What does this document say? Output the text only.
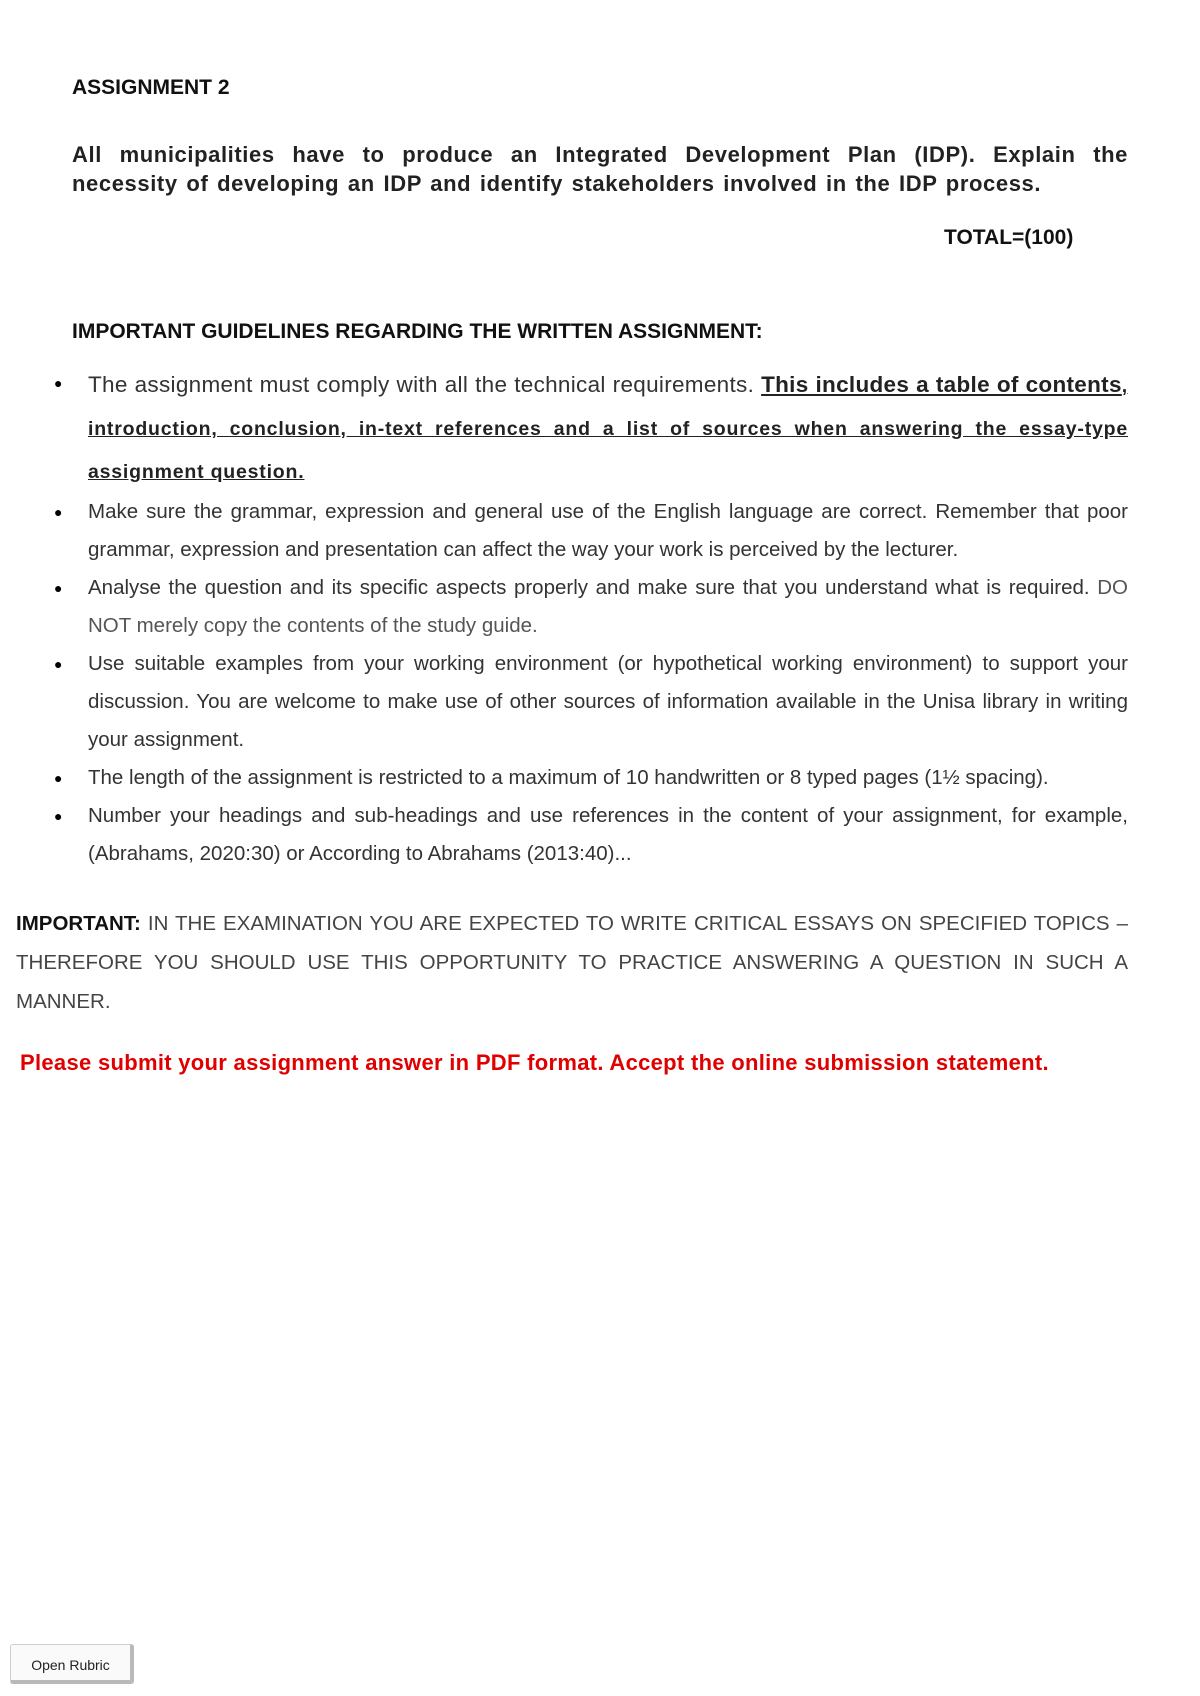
ASSIGNMENT 2
All municipalities have to produce an Integrated Development Plan (IDP). Explain the necessity of developing an IDP and identify stakeholders involved in the IDP process.
TOTAL=(100)
IMPORTANT GUIDELINES REGARDING THE WRITTEN ASSIGNMENT:
● The assignment must comply with all the technical requirements. This includes a table of contents, introduction, conclusion, in-text references and a list of sources when answering the essay-type assignment question.
● Make sure the grammar, expression and general use of the English language are correct. Remember that poor grammar, expression and presentation can affect the way your work is perceived by the lecturer.
● Analyse the question and its specific aspects properly and make sure that you understand what is required. DO NOT merely copy the contents of the study guide.
● Use suitable examples from your working environment (or hypothetical working environment) to support your discussion. You are welcome to make use of other sources of information available in the Unisa library in writing your assignment.
● The length of the assignment is restricted to a maximum of 10 handwritten or 8 typed pages (1½ spacing).
● Number your headings and sub-headings and use references in the content of your assignment, for example, (Abrahams, 2020:30) or According to Abrahams (2013:40)...
IMPORTANT: IN THE EXAMINATION YOU ARE EXPECTED TO WRITE CRITICAL ESSAYS ON SPECIFIED TOPICS – THEREFORE YOU SHOULD USE THIS OPPORTUNITY TO PRACTICE ANSWERING A QUESTION IN SUCH A MANNER.
Please submit your assignment answer in PDF format. Accept the online submission statement.
Open Rubric
